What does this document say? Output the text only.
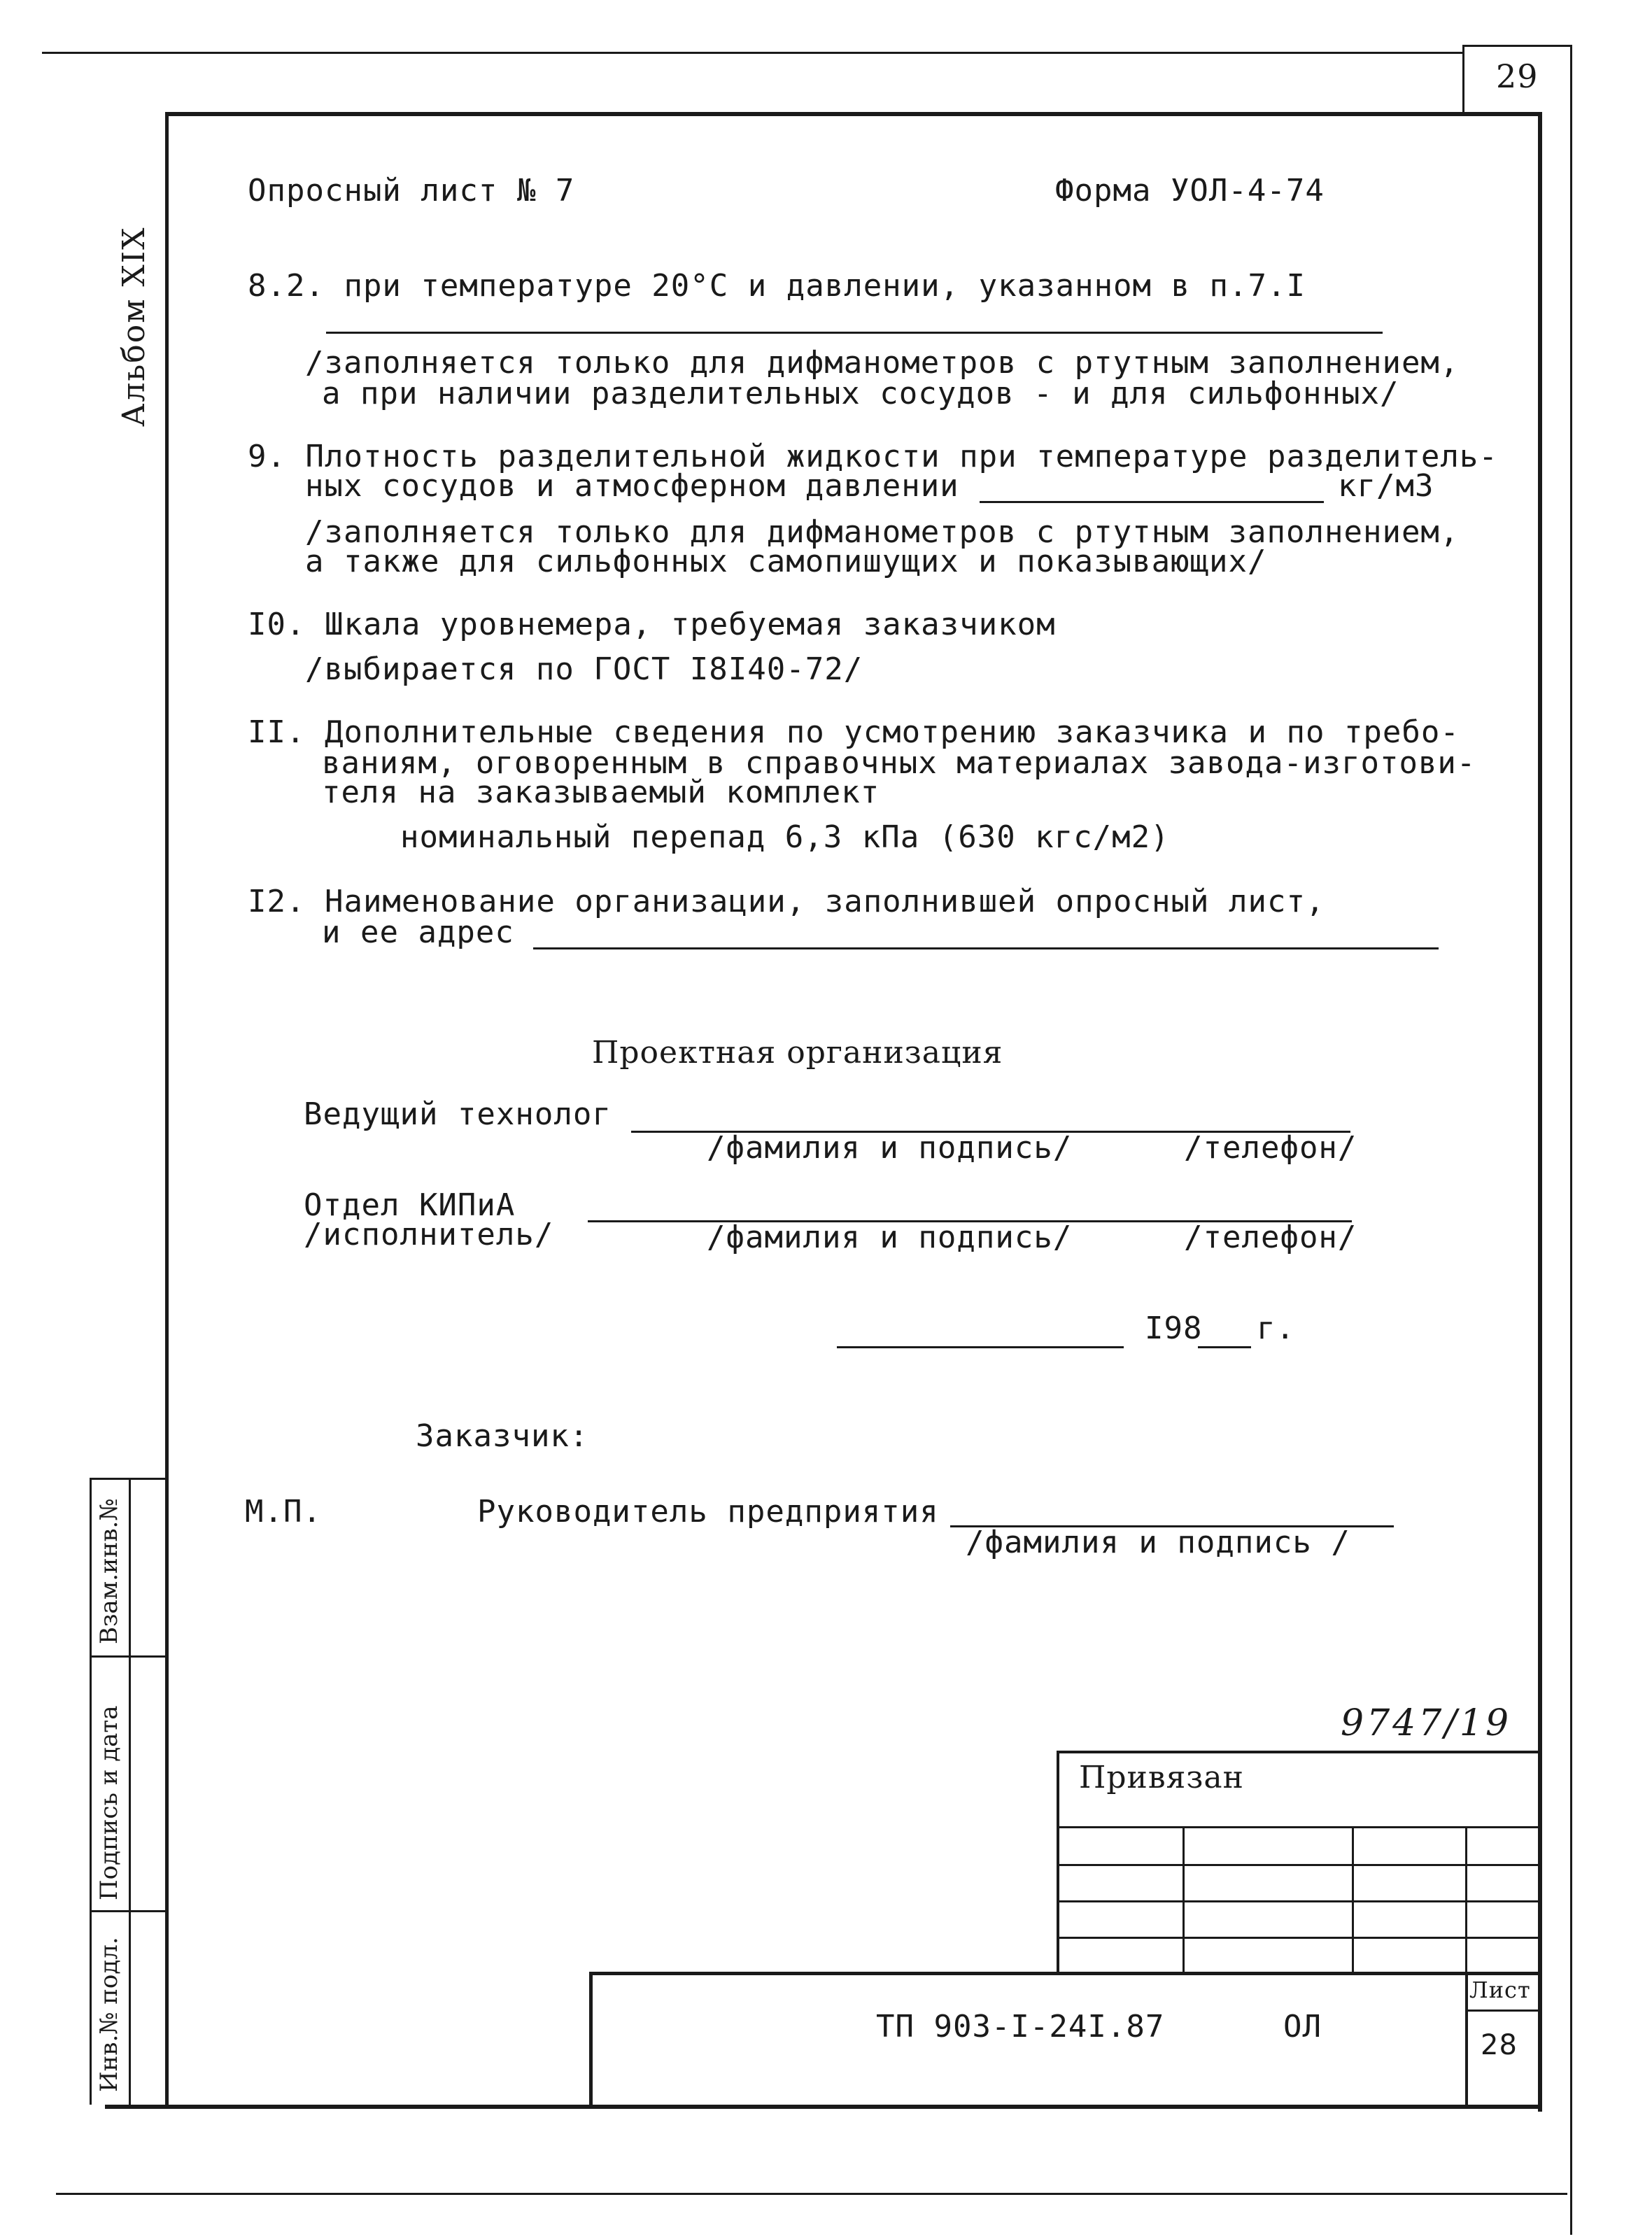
29
Альбом XIX
Опросный лист № 7	Форма УОЛ-4-74
8.2. при температуре 20°С и давлении, указанном в п.7.I
/заполняется только для дифманометров с ртутным заполнением,
а при наличии разделительных сосудов - и для сильфонных/
9. Плотность разделительной жидкости при температуре разделитель-
ных сосудов и атмосферном давлении	кг/м3
/заполняется только для дифманометров с ртутным заполнением,
а также для сильфонных самопишущих и показывающих/
I0. Шкала уровнемера, требуемая заказчиком
/выбирается по ГОСТ I8I40-72/
II. Дополнительные сведения по усмотрению заказчика и по требо-
ваниям, оговоренным в справочных материалах завода-изготови-
теля на заказываемый комплект
номинальный перепад 6,3 кПа (630 кгс/м2)
I2. Наименование организации, заполнившей опросный лист,
и ее адрес
Проектная организация
Ведущий технолог
/фамилия и подпись/	/телефон/
Отдел КИПиА
/исполнитель/	/фамилия и подпись/	/телефон/
I98 г.
Заказчик:
М.П.	Руководитель предприятия
/фамилия и подпись /
9747/19
Взам.инв.№
Подпись и дата
Инв.№ подл.
Привязан
ТП 903-I-24I.87	ОЛ
Лист
28
